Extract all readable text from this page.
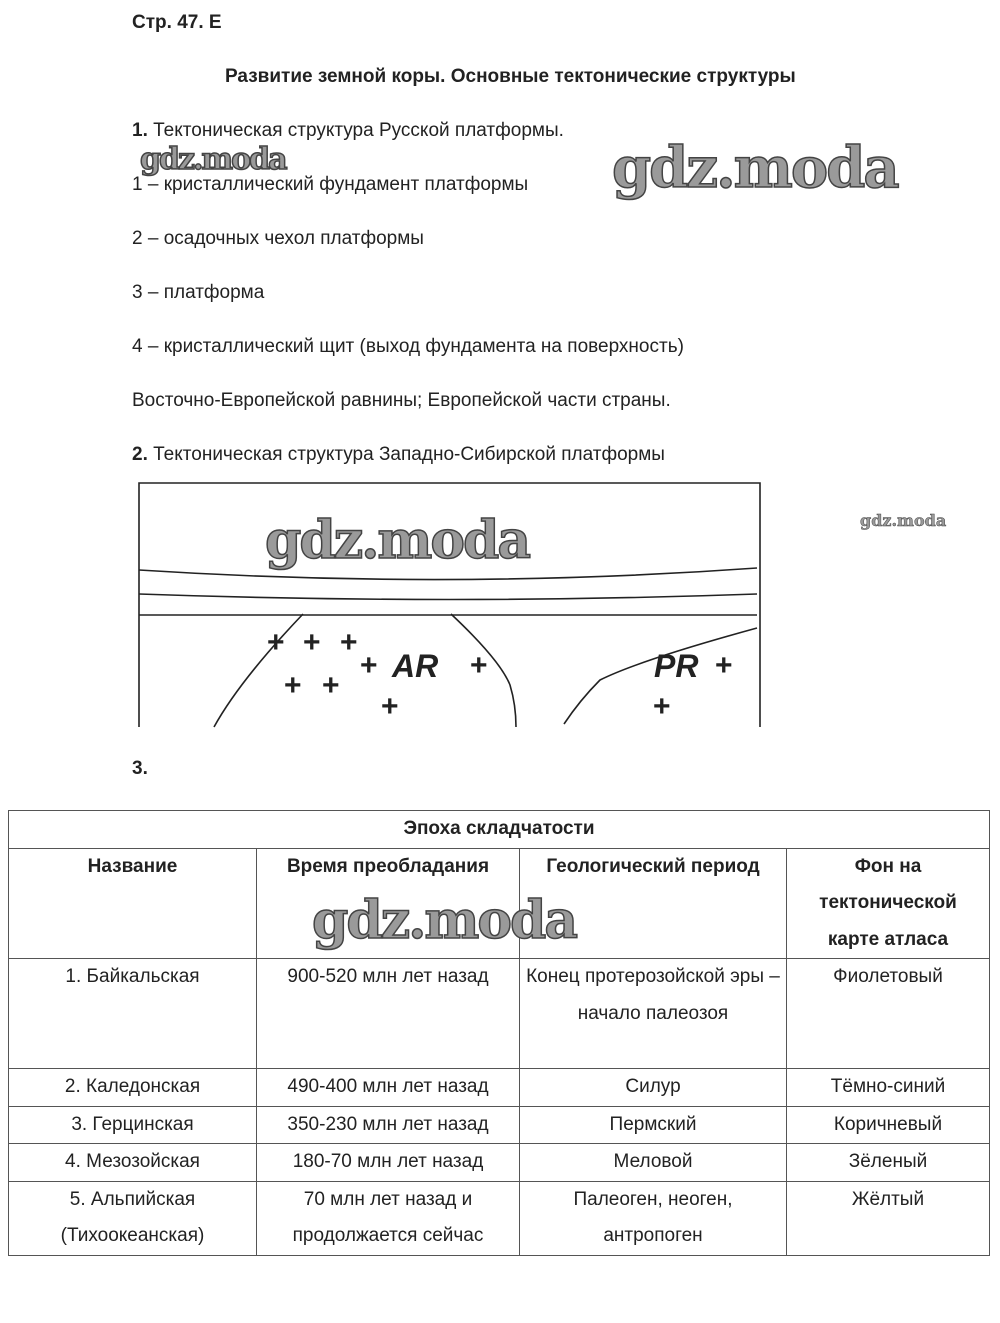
Стр. 47. Е
Развитие земной коры. Основные тектонические структуры
1. Тектоническая структура Русской платформы.
1 – кристаллический фундамент платформы
2 – осадочных чехол платформы
3 – платформа
4 – кристаллический щит (выход фундамента на поверхность)
Восточно-Европейской равнины; Европейской части страны.
2. Тектоническая структура Западно-Сибирской платформы
+ + +
+	+
+ +
+
+
+
AR	PR
3.
Эпоха складчатости			
Название	Время преобладания	Геологический период	Фон на тектонической карте атласа
1. Байкальская	900-520 млн лет назад	Конец протерозойской эры – начало палеозоя	Фиолетовый
2. Каледонская	490-400 млн лет назад	Силур	Тёмно-синий
3. Герцинская	350-230 млн лет назад	Пермский	Коричневый
4. Мезозойская	180-70 млн лет назад	Меловой	Зёленый
5. Альпийская (Тихоокеанская)	70 млн лет назад и продолжается сейчас	Палеоген, неоген, антропоген	Жёлтый
gdz.moda	gdz.moda
gdz.moda	gdz.moda
gdz.moda
